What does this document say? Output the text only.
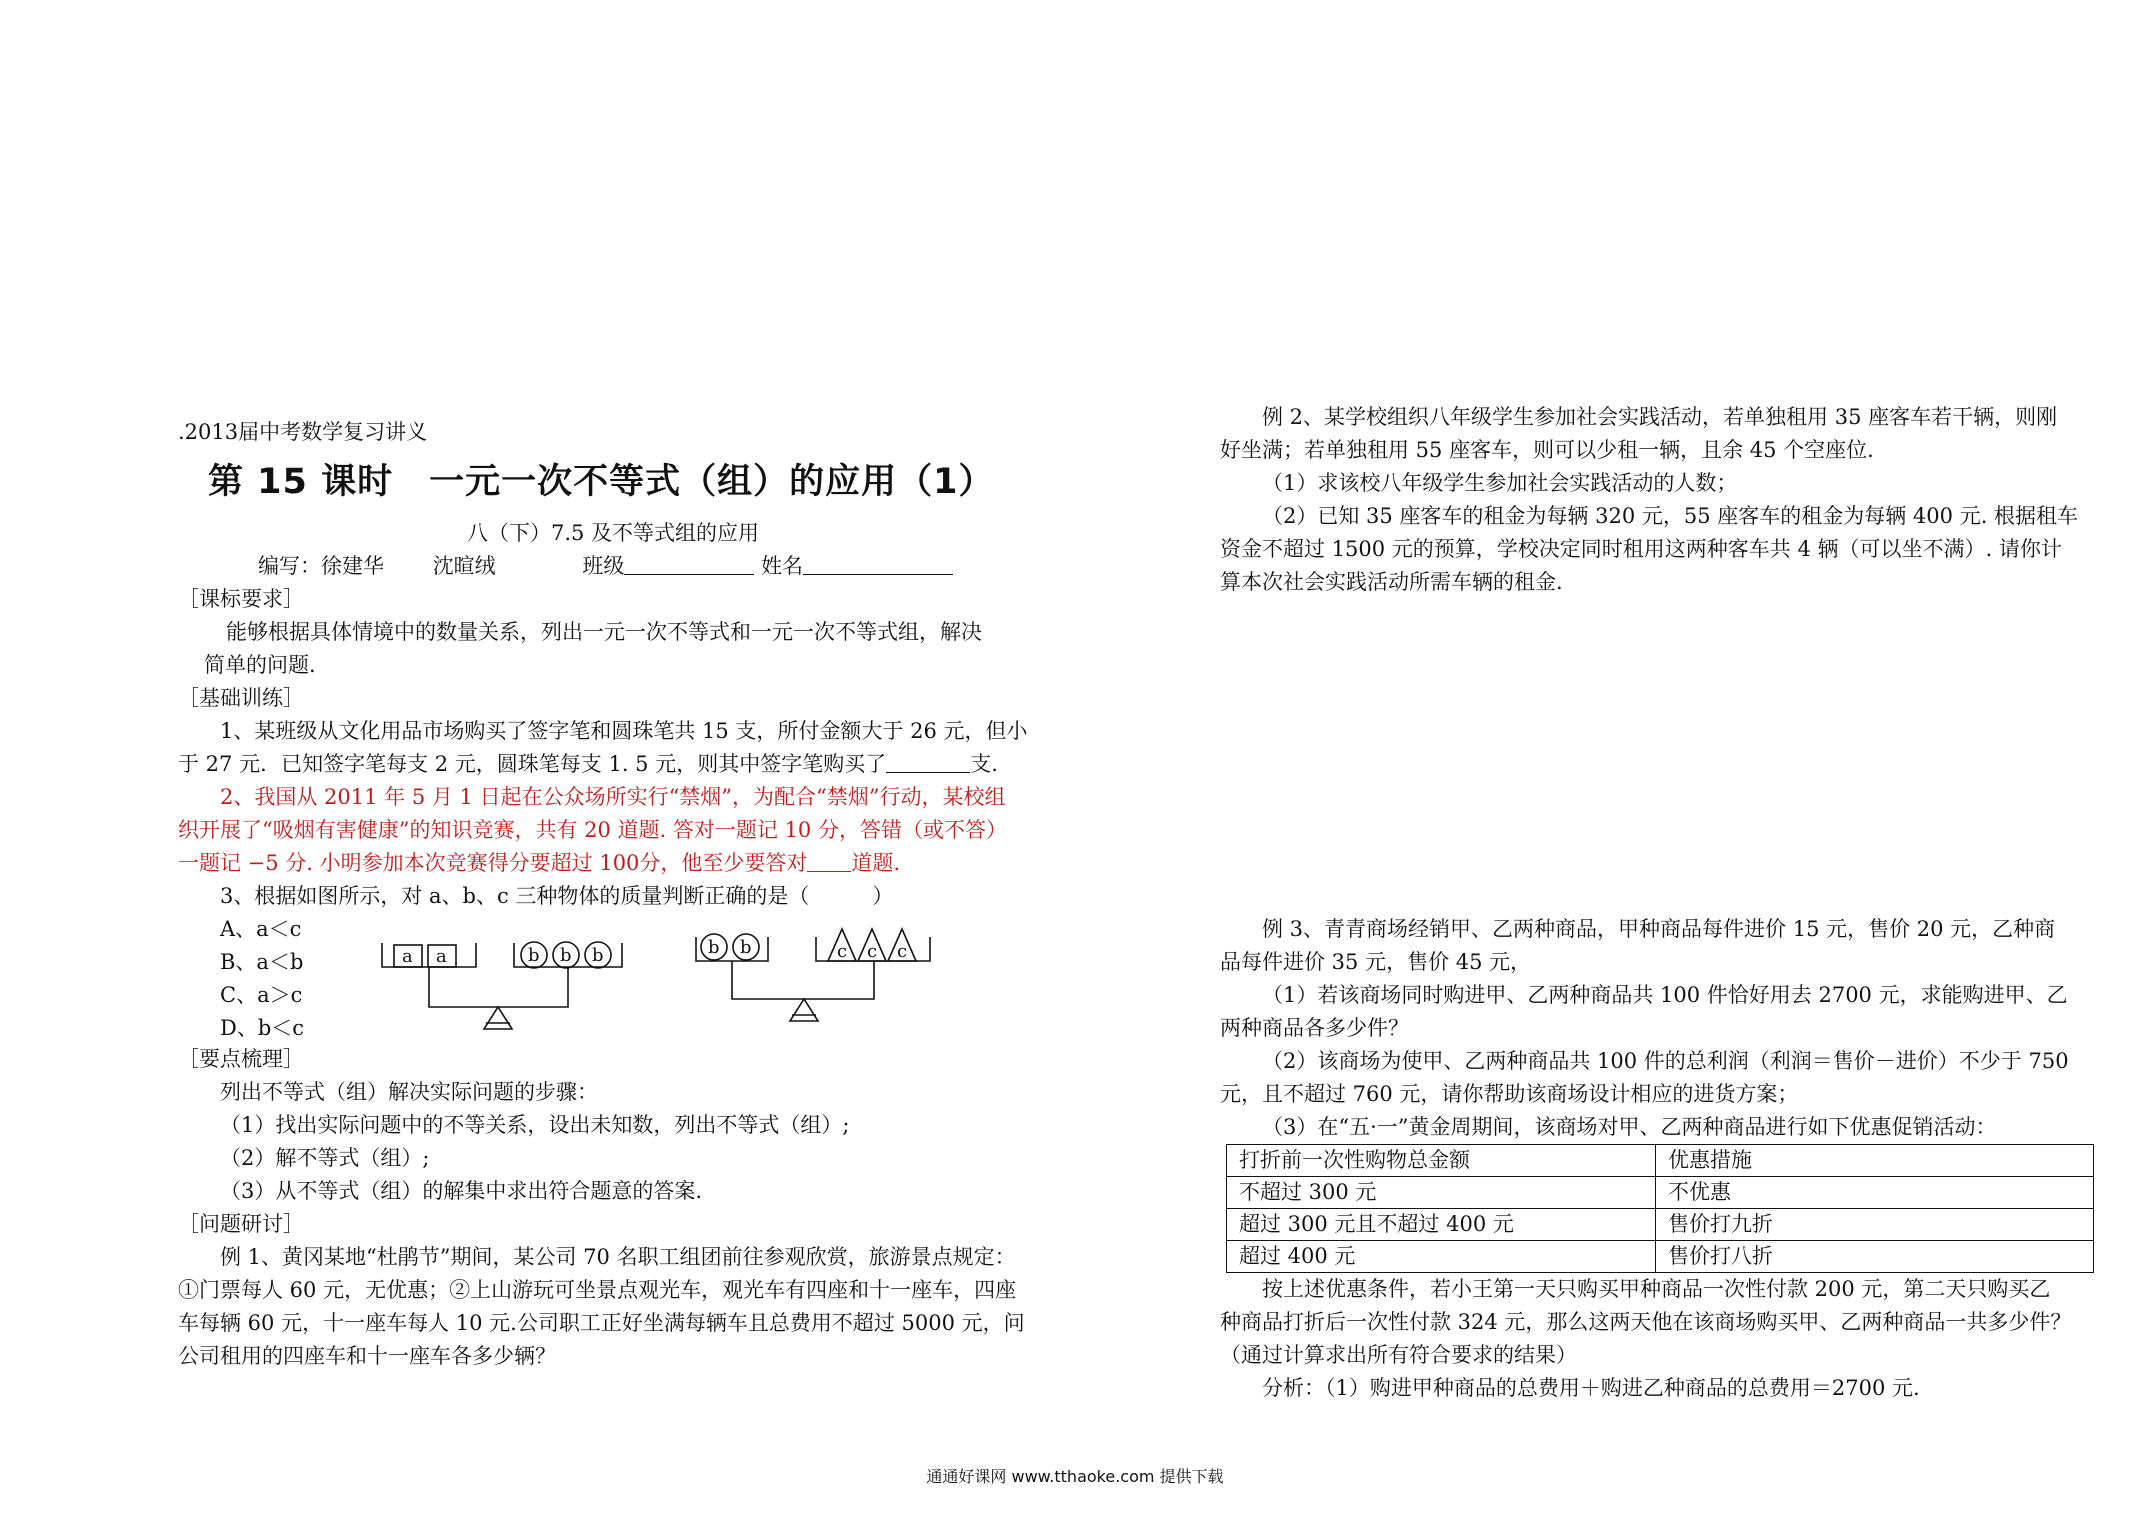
.2013届中考数学复习讲义
第 15 课时　一元一次不等式（组）的应用（1）
八（下）7.5 及不等式组的应用
编写：徐建华 沈暄绒	班级	姓名
［课标要求］
能够根据具体情境中的数量关系，列出一元一次不等式和一元一次不等式组，解决
简单的问题.
［基础训练］
1、某班级从文化用品市场购买了签字笔和圆珠笔共 15 支，所付金额大于 26 元，但小
于 27 元．已知签字笔每支 2 元，圆珠笔每支 1. 5 元，则其中签字笔购买了	支.
2、我国从 2011 年 5 月 1 日起在公众场所实行“禁烟”，为配合“禁烟”行动，某校组
织开展了“吸烟有害健康”的知识竞赛，共有 20 道题. 答对一题记 10 分，答错（或不答）
一题记 −5 分. 小明参加本次竞赛得分要超过 100分，他至少要答对 道题.
3、根据如图所示，对 a、b、c 三种物体的质量判断正确的是（　　　）
A、a＜c
B、a＜b
C、a＞c
D、b＜c
a a	b b b	b b	c c c
［要点梳理］
列出不等式（组）解决实际问题的步骤：
（1）找出实际问题中的不等关系，设出未知数，列出不等式（组）;
（2）解不等式（组）;
（3）从不等式（组）的解集中求出符合题意的答案.
［问题研讨］
例 1、黄冈某地“杜鹃节”期间，某公司 70 名职工组团前往参观欣赏，旅游景点规定：
①门票每人 60 元，无优惠；②上山游玩可坐景点观光车，观光车有四座和十一座车，四座
车每辆 60 元，十一座车每人 10 元.公司职工正好坐满每辆车且总费用不超过 5000 元，问
公司租用的四座车和十一座车各多少辆？
例 2、某学校组织八年级学生参加社会实践活动，若单独租用 35 座客车若干辆，则刚
好坐满；若单独租用 55 座客车，则可以少租一辆，且余 45 个空座位.
（1）求该校八年级学生参加社会实践活动的人数；
（2）已知 35 座客车的租金为每辆 320 元，55 座客车的租金为每辆 400 元. 根据租车
资金不超过 1500 元的预算，学校决定同时租用这两种客车共 4 辆（可以坐不满）. 请你计
算本次社会实践活动所需车辆的租金.
例 3、青青商场经销甲、乙两种商品，甲种商品每件进价 15 元，售价 20 元，乙种商
品每件进价 35 元，售价 45 元，
（1）若该商场同时购进甲、乙两种商品共 100 件恰好用去 2700 元，求能购进甲、乙
两种商品各多少件？
（2）该商场为使甲、乙两种商品共 100 件的总利润（利润＝售价－进价）不少于 750
元，且不超过 760 元，请你帮助该商场设计相应的进货方案；
（3）在“五·一”黄金周期间，该商场对甲、乙两种商品进行如下优惠促销活动：
打折前一次性购物总金额	优惠措施
不超过 300 元	不优惠
超过 300 元且不超过 400 元	售价打九折
超过 400 元	售价打八折
按上述优惠条件，若小王第一天只购买甲种商品一次性付款 200 元，第二天只购买乙
种商品打折后一次性付款 324 元，那么这两天他在该商场购买甲、乙两种商品一共多少件？
（通过计算求出所有符合要求的结果）
分析：（1）购进甲种商品的总费用＋购进乙种商品的总费用＝2700 元.
通通好课网 www.tthaoke.com 提供下载
